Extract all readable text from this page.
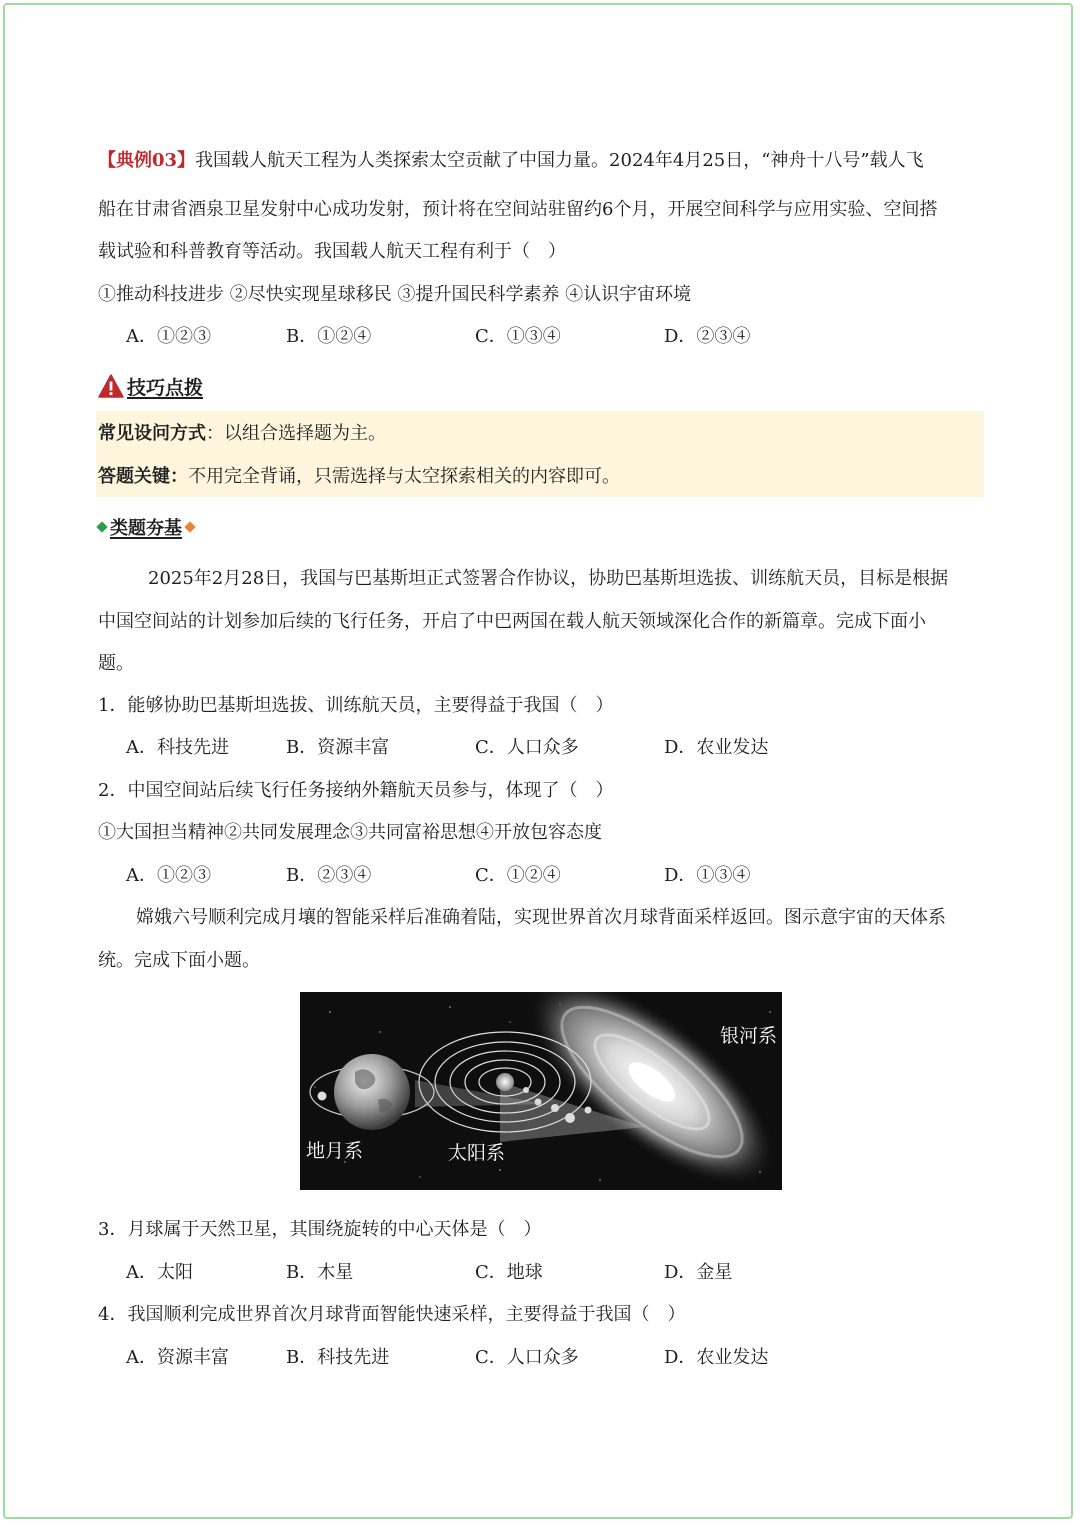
【典例03】我国载人航天工程为人类探索太空贡献了中国力量。2024年4月25日，“神舟十八号”载人飞
船在甘肃省酒泉卫星发射中心成功发射，预计将在空间站驻留约6个月，开展空间科学与应用实验、空间搭
载试验和科普教育等活动。我国载人航天工程有利于（　）
①推动科技进步 ②尽快实现星球移民 ③提升国民科学素养 ④认识宇宙环境
A．①②③	B．①②④	C．①③④	D．②③④
技巧点拨
常见设问方式：以组合选择题为主。
答题关键：不用完全背诵，只需选择与太空探索相关的内容即可。
类题夯基
2025年2月28日，我国与巴基斯坦正式签署合作协议，协助巴基斯坦选拔、训练航天员，目标是根据
中国空间站的计划参加后续的飞行任务，开启了中巴两国在载人航天领域深化合作的新篇章。完成下面小
题。
1．能够协助巴基斯坦选拔、训练航天员，主要得益于我国（　）
A．科技先进	B．资源丰富	C．人口众多	D．农业发达
2．中国空间站后续飞行任务接纳外籍航天员参与，体现了（　）
①大国担当精神②共同发展理念③共同富裕思想④开放包容态度
A．①②③	B．②③④	C．①②④	D．①③④
嫦娥六号顺利完成月壤的智能采样后准确着陆，实现世界首次月球背面采样返回。图示意宇宙的天体系
统。完成下面小题。
3．月球属于天然卫星，其围绕旋转的中心天体是（　）
A．太阳	B．木星	C．地球	D．金星
4．我国顺利完成世界首次月球背面智能快速采样，主要得益于我国（　）
A．资源丰富	B．科技先进	C．人口众多	D．农业发达
银河系
地月系	太阳系
